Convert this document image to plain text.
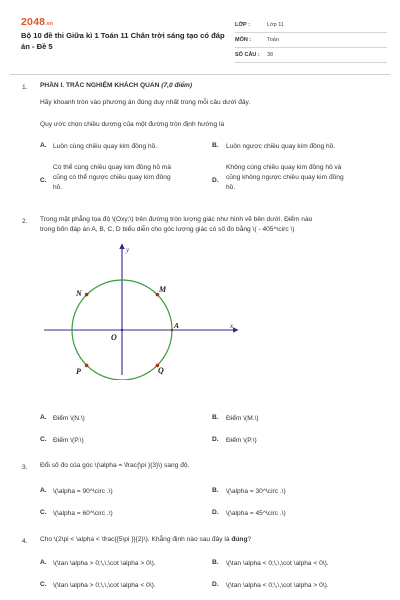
2048.vn
Bộ 10 đề thi Giữa kì 1 Toán 11 Chân trời sáng tạo có đáp án - Đề 5
LỚP :	Lớp 11
MÔN :	Toán
SỐ CÂU :	38
1. PHẦN I. TRẮC NGHIỆM KHÁCH QUAN (7,0 điểm)
Hãy khoanh tròn vào phương án đúng duy nhất trong mỗi câu dưới đây.
Quy ước chọn chiều dương của một đường tròn định hướng là
A. Luôn cùng chiều quay kim đồng hồ.	B. Luôn ngược chiều quay kim đồng hồ.
C.
Có thể cùng chiều quay kim đồng hồ mà
cũng có thể ngược chiều quay kim đồng
hồ.
D.
Không cùng chiều quay kim đồng hồ và
cũng không ngược chiều quay kim đồng
hồ.
2. Trong mặt phẳng tọa độ \(Oxy;\) trên đường tròn lượng giác như hình vẽ bên dưới. Điểm nào
trong bốn đáp án A, B, C, D biểu diễn cho góc lượng giác có số đo bằng \( - 405^\circ \)
y
x
O
A
M
N
P	Q
A. Điểm \(N.\)	B. Điểm \(M.\)
C. Điểm \(P.\)	D. Điểm \(P.\)
3. Đổi số đo của góc \(\alpha = \frac{\pi }{3}\) sang độ.
A. \(\alpha = 90^\circ .\)	B. \(\alpha = 30^\circ .\)
C. \(\alpha = 60^\circ .\)	D. \(\alpha = 45^\circ .\)
4. Cho \(2\pi < \alpha < \frac{{5\pi }}{2}\). Khẳng định nào sau đây là đúng?
A. \(\tan \alpha > 0;\,\,\cot \alpha > 0\).	B. \(\tan \alpha < 0;\,\,\cot \alpha < 0\).
C. \(\tan \alpha > 0;\,\,\cot \alpha < 0\).	D. \(\tan \alpha < 0;\,\,\cot \alpha > 0\).
